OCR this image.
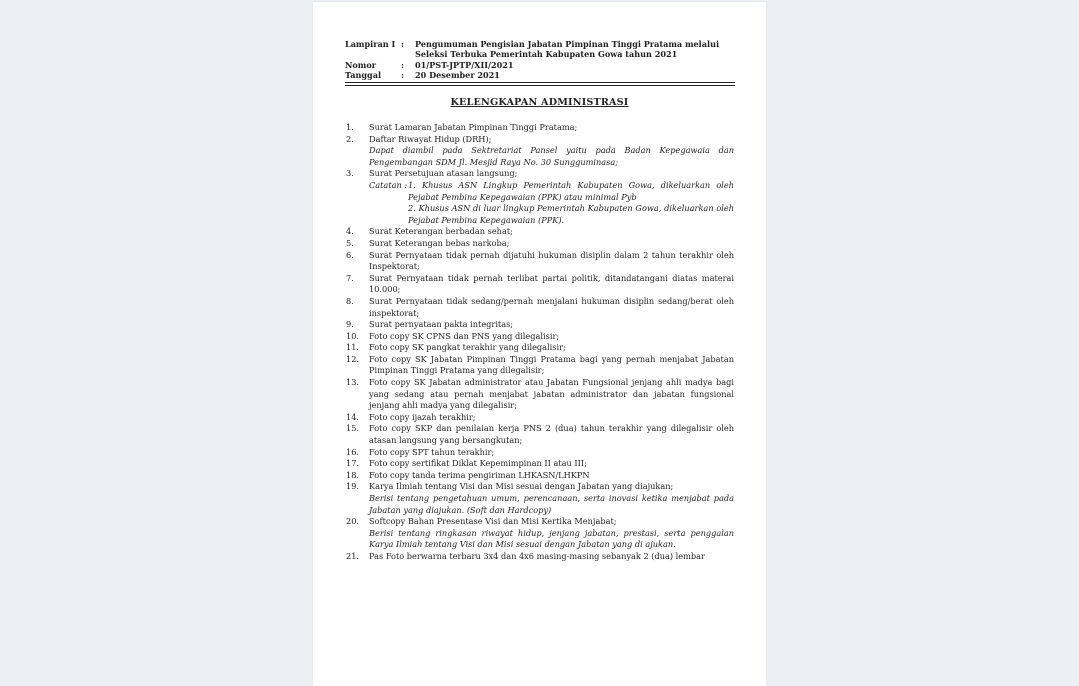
Lampiran I :	Pengumuman Pengisian Jabatan Pimpinan Tinggi Pratama melalui
Seleksi Terbuka Pemerintah Kabupaten Gowa tahun 2021
Nomor	:	01/PST-JPTP/XII/2021
Tanggal	:	20 Desember 2021
KELENGKAPAN ADMINISTRASI
1.	Surat Lamaran Jabatan Pimpinan Tinggi Pratama;
2.	Daftar Riwayat Hidup (DRH);
Dapat diambil pada Sektretariat Pansel yaitu pada Badan Kepegawaia dan Pengembangan SDM Jl. Mesjid Raya No. 30 Sungguminasa;
3.	Surat Persetujuan atasan langsung;
Catatan : 1. Khusus ASN Lingkup Pemerintah Kabupaten Gowa, dikeluarkan oleh Pejabat Pembina Kepegawaian (PPK) atau minimal Pyb
2. Khusus ASN di luar lingkup Pemerintah Kabupaten Gowa, dikeluarkan oleh Pejabat Pembina Kepegawaian (PPK).
4.	Surat Keterangan berbadan sehat;
5.	Surat Keterangan bebas narkoba;
6.	Surat Pernyataan tidak pernah dijatuhi hukuman disiplin dalam 2 tahun terakhir oleh Inspektorat;
7.	Surat Pernyataan tidak pernah terlibat partai politik, ditandatangani diatas materai 10.000;
8.	Surat Pernyataan tidak sedang/pernah menjalani hukuman disiplin sedang/berat oleh inspektorat;
9.	Surat pernyataan pakta integritas;
10.	Foto copy SK CPNS dan PNS yang dilegalisir;
11.	Foto copy SK pangkat terakhir yang dilegalisir;
12.	Foto copy SK Jabatan Pimpinan Tinggi Pratama bagi yang pernah menjabat Jabatan Pimpinan Tinggi Pratama yang dilegalisir;
13.	Foto copy SK Jabatan administrator atau Jabatan Fungsional jenjang ahli madya bagi yang sedang atau pernah menjabat jabatan administrator dan jabatan fungsional jenjang ahli madya yang dilegalisir;
14.	Foto copy ijazah terakhir;
15.	Foto copy SKP dan penilaian kerja PNS 2 (dua) tahun terakhir yang dilegalisir oleh atasan langsung yang bersangkutan;
16.	Foto copy SPT tahun terakhir;
17.	Foto copy sertifikat Diklat Kepemimpinan II atau III;
18.	Foto copy tanda terima pengiriman LHKASN/LHKPN
19.	Karya Ilmiah tentang Visi dan Misi sesuai dengan Jabatan yang diajukan;
Berisi tentang pengetahuan umum, perencanaan, serta inovasi ketika menjabat pada Jabatan yang diajukan. (Soft dan Hardcopy)
20.	Softcopy Bahan Presentase Visi dan Misi Kertika Menjabat;
Berisi tentang ringkasan riwayat hidup, jenjang jabatan, prestasi, serta penggalan Karya Ilmiah tentang Visi dan Misi sesuai dengan Jabatan yang di ajukan.
21.	Pas Foto berwarna terbaru 3x4 dan 4x6 masing-masing sebanyak 2 (dua) lembar
